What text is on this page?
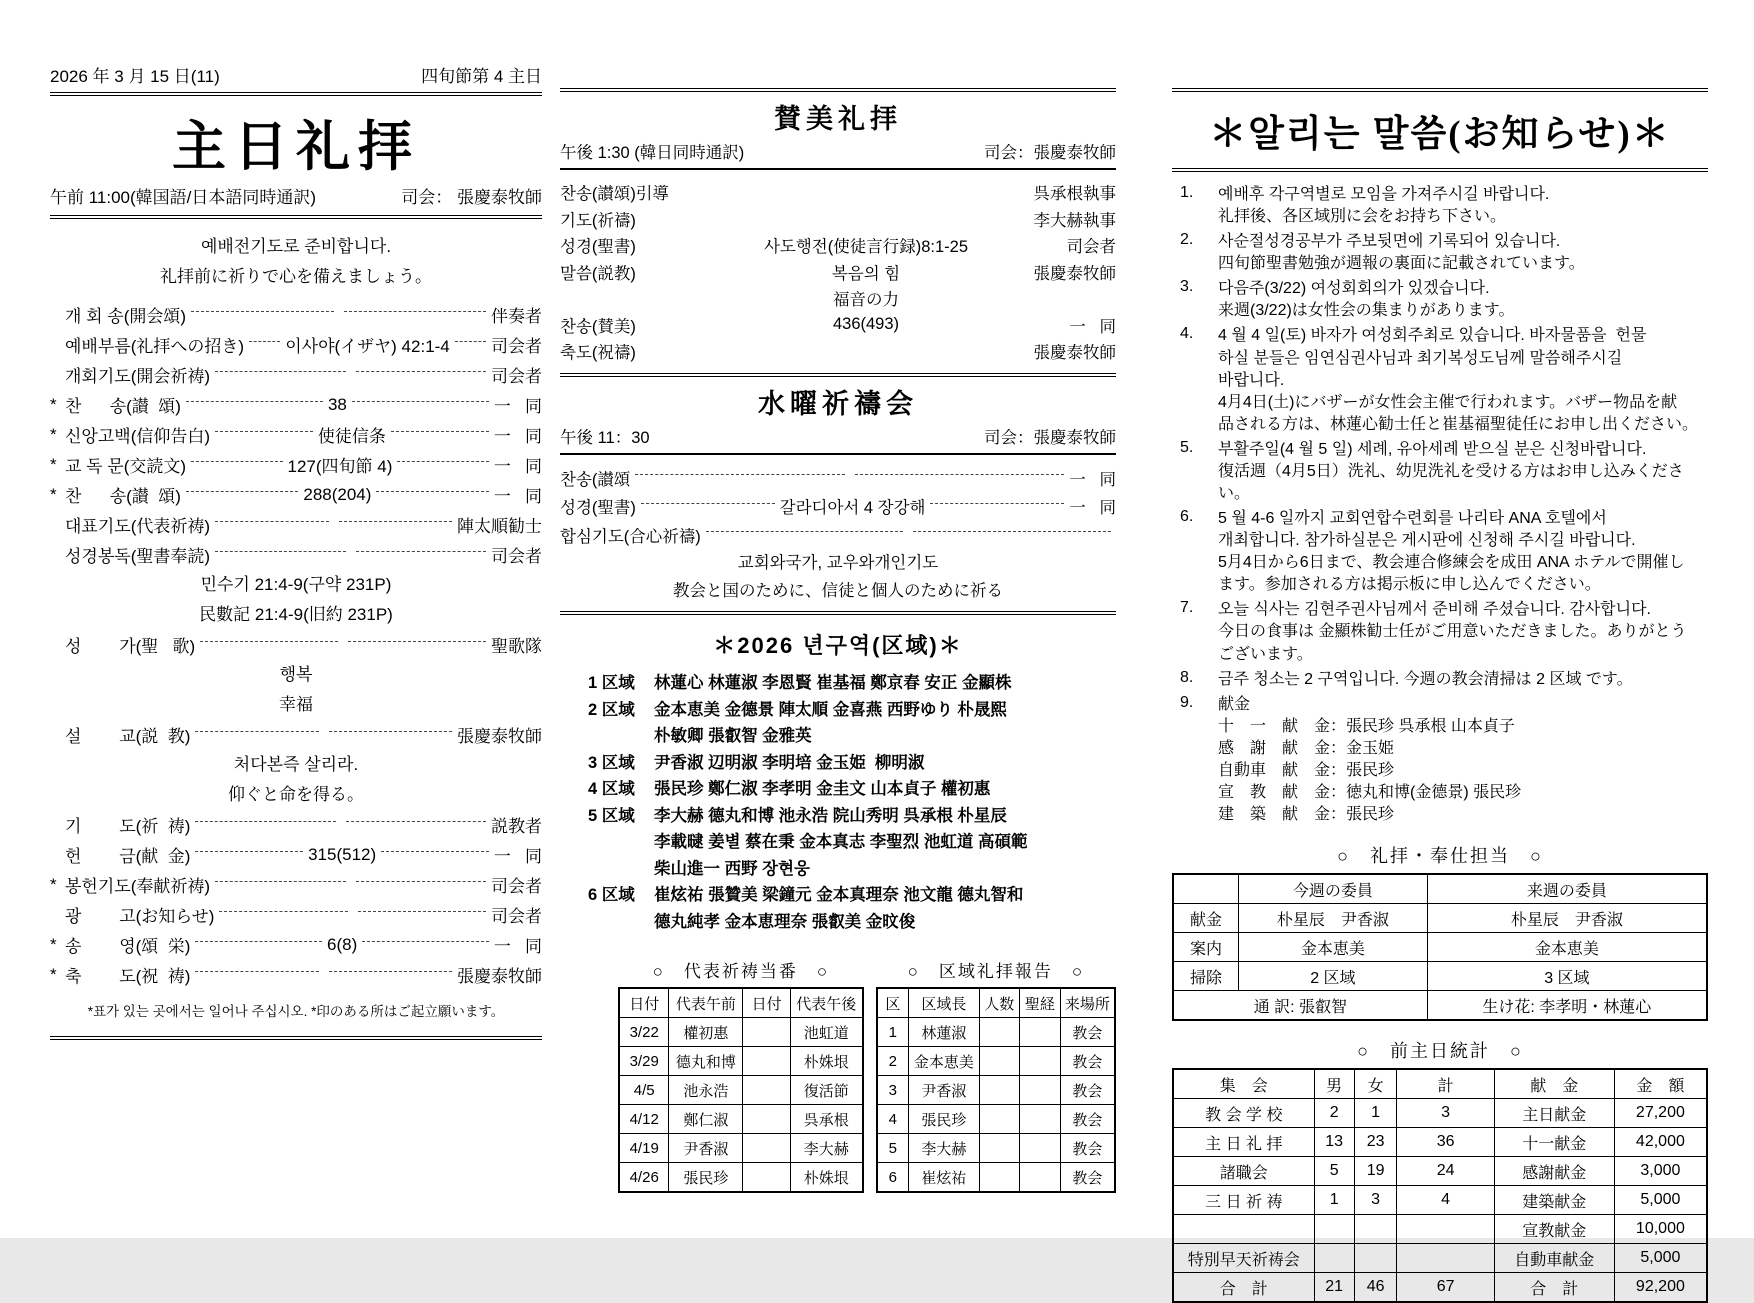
2026 年 3 月 15 日(11)	四旬節第 4 主日
主日礼拝
午前 11:00(韓国語/日本語同時通訳)	司会： 張慶泰牧師
예배전기도로 준비합니다.
礼拝前に祈りで心を備えましょう。
개 회 송(開会頌)	伴奏者
예배부름(礼拝への招き) 이사야(イザヤ) 42:1-4 司会者
개회기도(開会祈祷)	司会者
* 찬      송(讃  頌)	38	一   同
* 신앙고백(信仰告白)	使徒信条	一   同
* 교 독 문(交読文)	127(四旬節 4)	一   同
* 찬      송(讃  頌)	288(204)	一   同
대표기도(代表祈祷)	陣太順勧士
성경봉독(聖書奉読)	司会者
민수기 21:4-9(구약 231P)
民數記 21:4-9(旧約 231P)
성        가(聖   歌)	聖歌隊
행복
幸福
설        교(説  教)	張慶泰牧師
처다본즉 살리라.
仰ぐと命を得る。
기        도(祈  祷)	説教者
헌        금(献  金)	315(512)	一   同
* 봉헌기도(奉献祈祷)	司会者
광        고(お知らせ)	司会者
* 송        영(頌  栄)	6(8)	一   同
* 축        도(祝  祷)	張慶泰牧師
*표가 있는 곳에서는 일어나 주십시오. *印のある所はご起立願います。
賛美礼拝
午後 1:30 (韓日同時通訳)	司会：張慶泰牧師
찬송(讃頌)引導	呉承根執事
기도(祈禱)	李大赫執事
성경(聖書)	사도행전(使徒言行録)8:1-25	司会者
말씀(説教)	복음의 힘	張慶泰牧師
福音の力
찬송(賛美)	436(493)	一   同
축도(祝禱)	張慶泰牧師
水曜祈禱会
午後 11：30	司会：張慶泰牧師
찬송(讃頌	一   同
성경(聖書)	갈라디아서 4 장강해	一   同
합심기도(合心祈禱)
교회와국가, 교우와개인기도
教会と国のために、信徒と個人のために祈る
＊2026 년구역(区域)＊
1 区域	林蓮心 林蓮淑 李恩賢 崔基福 鄭京春 安正 金顯株
2 区域	金本恵美 金德景 陣太順 金喜燕 西野ゆり 朴晟熙
朴敏卿 張叡智 金雅英
3 区域	尹香淑 辺明淑 李明培 金玉姫  柳明淑
4 区域	張民珍 鄭仁淑 李孝明 金圭文 山本貞子 權初惠
5 区域	李大赫 德丸和博 池永浩 院山秀明 呉承根 朴星辰
李載曃 姜별 蔡在秉 金本真志 李聖烈 池虹道 高碩範
柴山進一 西野 장현웅
6 区域	崔炫祐 張贊美 梁鐘元 金本真理奈 池文龍 德丸智和
德丸純孝 金本恵理奈 張叡美 金旼俊
○　代表祈祷当番　○
日付	代表午前	日付	代表午後
3/22	權初惠		池虹道
3/29	德丸和博		朴姝垠
4/5	池永浩		復活節
4/12	鄭仁淑		呉承根
4/19	尹香淑		李大赫
4/26	張民珍		朴姝垠
○　区域礼拝報告　○
区	区域長	人数	聖経	来場所
1	林蓮淑			教会
2	金本恵美			教会
3	尹香淑			教会
4	張民珍			教会
5	李大赫			教会
6	崔炫祐			教会
＊알리는 말씀(お知らせ)＊
1.	예배후 각구역별로 모임을 가져주시길 바랍니다.
礼拝後、各区域別に会をお持ち下さい。
2.	사순절성경공부가 주보뒷면에 기록되어 있습니다.
四旬節聖書勉強が週報の裏面に記載されています。
3.	다음주(3/22) 여성회회의가 있겠습니다.
来週(3/22)は女性会の集まりがあります。
4.	4 월 4 일(토) 바자가 여성회주최로 있습니다. 바자물품을  헌물
하실 분들은 임연심권사님과 최기복성도님께 말씀해주시길
바랍니다.
4月4日(土)にバザーが女性会主催で行われます。バザー物品を献
品される方は、林蓮心勧士任と崔基福聖徒任にお申し出ください。
5.	부활주일(4 월 5 일) 세례, 유아세례 받으실 분은 신청바랍니다.
復活週（4月5日）洗礼、幼児洗礼を受ける方はお申し込みくださ
い。
6.	5 월 4-6 일까지 교회연합수련회를 나리타 ANA 호텔에서
개최합니다. 참가하실분은 게시판에 신청해 주시길 바랍니다.
5月4日から6日まで、教会連合修練会を成田 ANA ホテルで開催し
ます。参加される方は掲示板に申し込んでください。
7.	오늘 식사는 김현주권사님께서 준비해 주셨습니다. 감사합니다.
今日の食事は 金顯株勧士任がご用意いただきました。ありがとう
ございます。
8.	금주 청소는 2 구역입니다. 今週の教会清掃は 2 区域 です。
9.	献金
十　一　献　金：張民珍 呉承根 山本貞子
感　謝　献　金：金玉姫
自動車　献　金：張民珍
宣　教　献　金：徳丸和博(金德景) 張民珍
建　築　献　金：張民珍
○　礼拝・奉仕担当　○
	今週の委員	来週の委員
献金	朴星辰　尹香淑	朴星辰　尹香淑
案内	金本恵美	金本恵美
掃除	2 区域	3 区域
通 訳: 張叡智		生け花: 李孝明・林蓮心
○　前主日統計　○
集　会	男	女	計	献　金	金　額
教 会 学 校	2	1	3	主日献金	27,200
主 日 礼 拝	13	23	36	十一献金	42,000
諸職会	5	19	24	感謝献金	3,000
三 日 祈 祷	1	3	4	建築献金	5,000
				宣教献金	10,000
特別早天祈祷会				自動車献金	5,000
合　計	21	46	67	合　計	92,200
